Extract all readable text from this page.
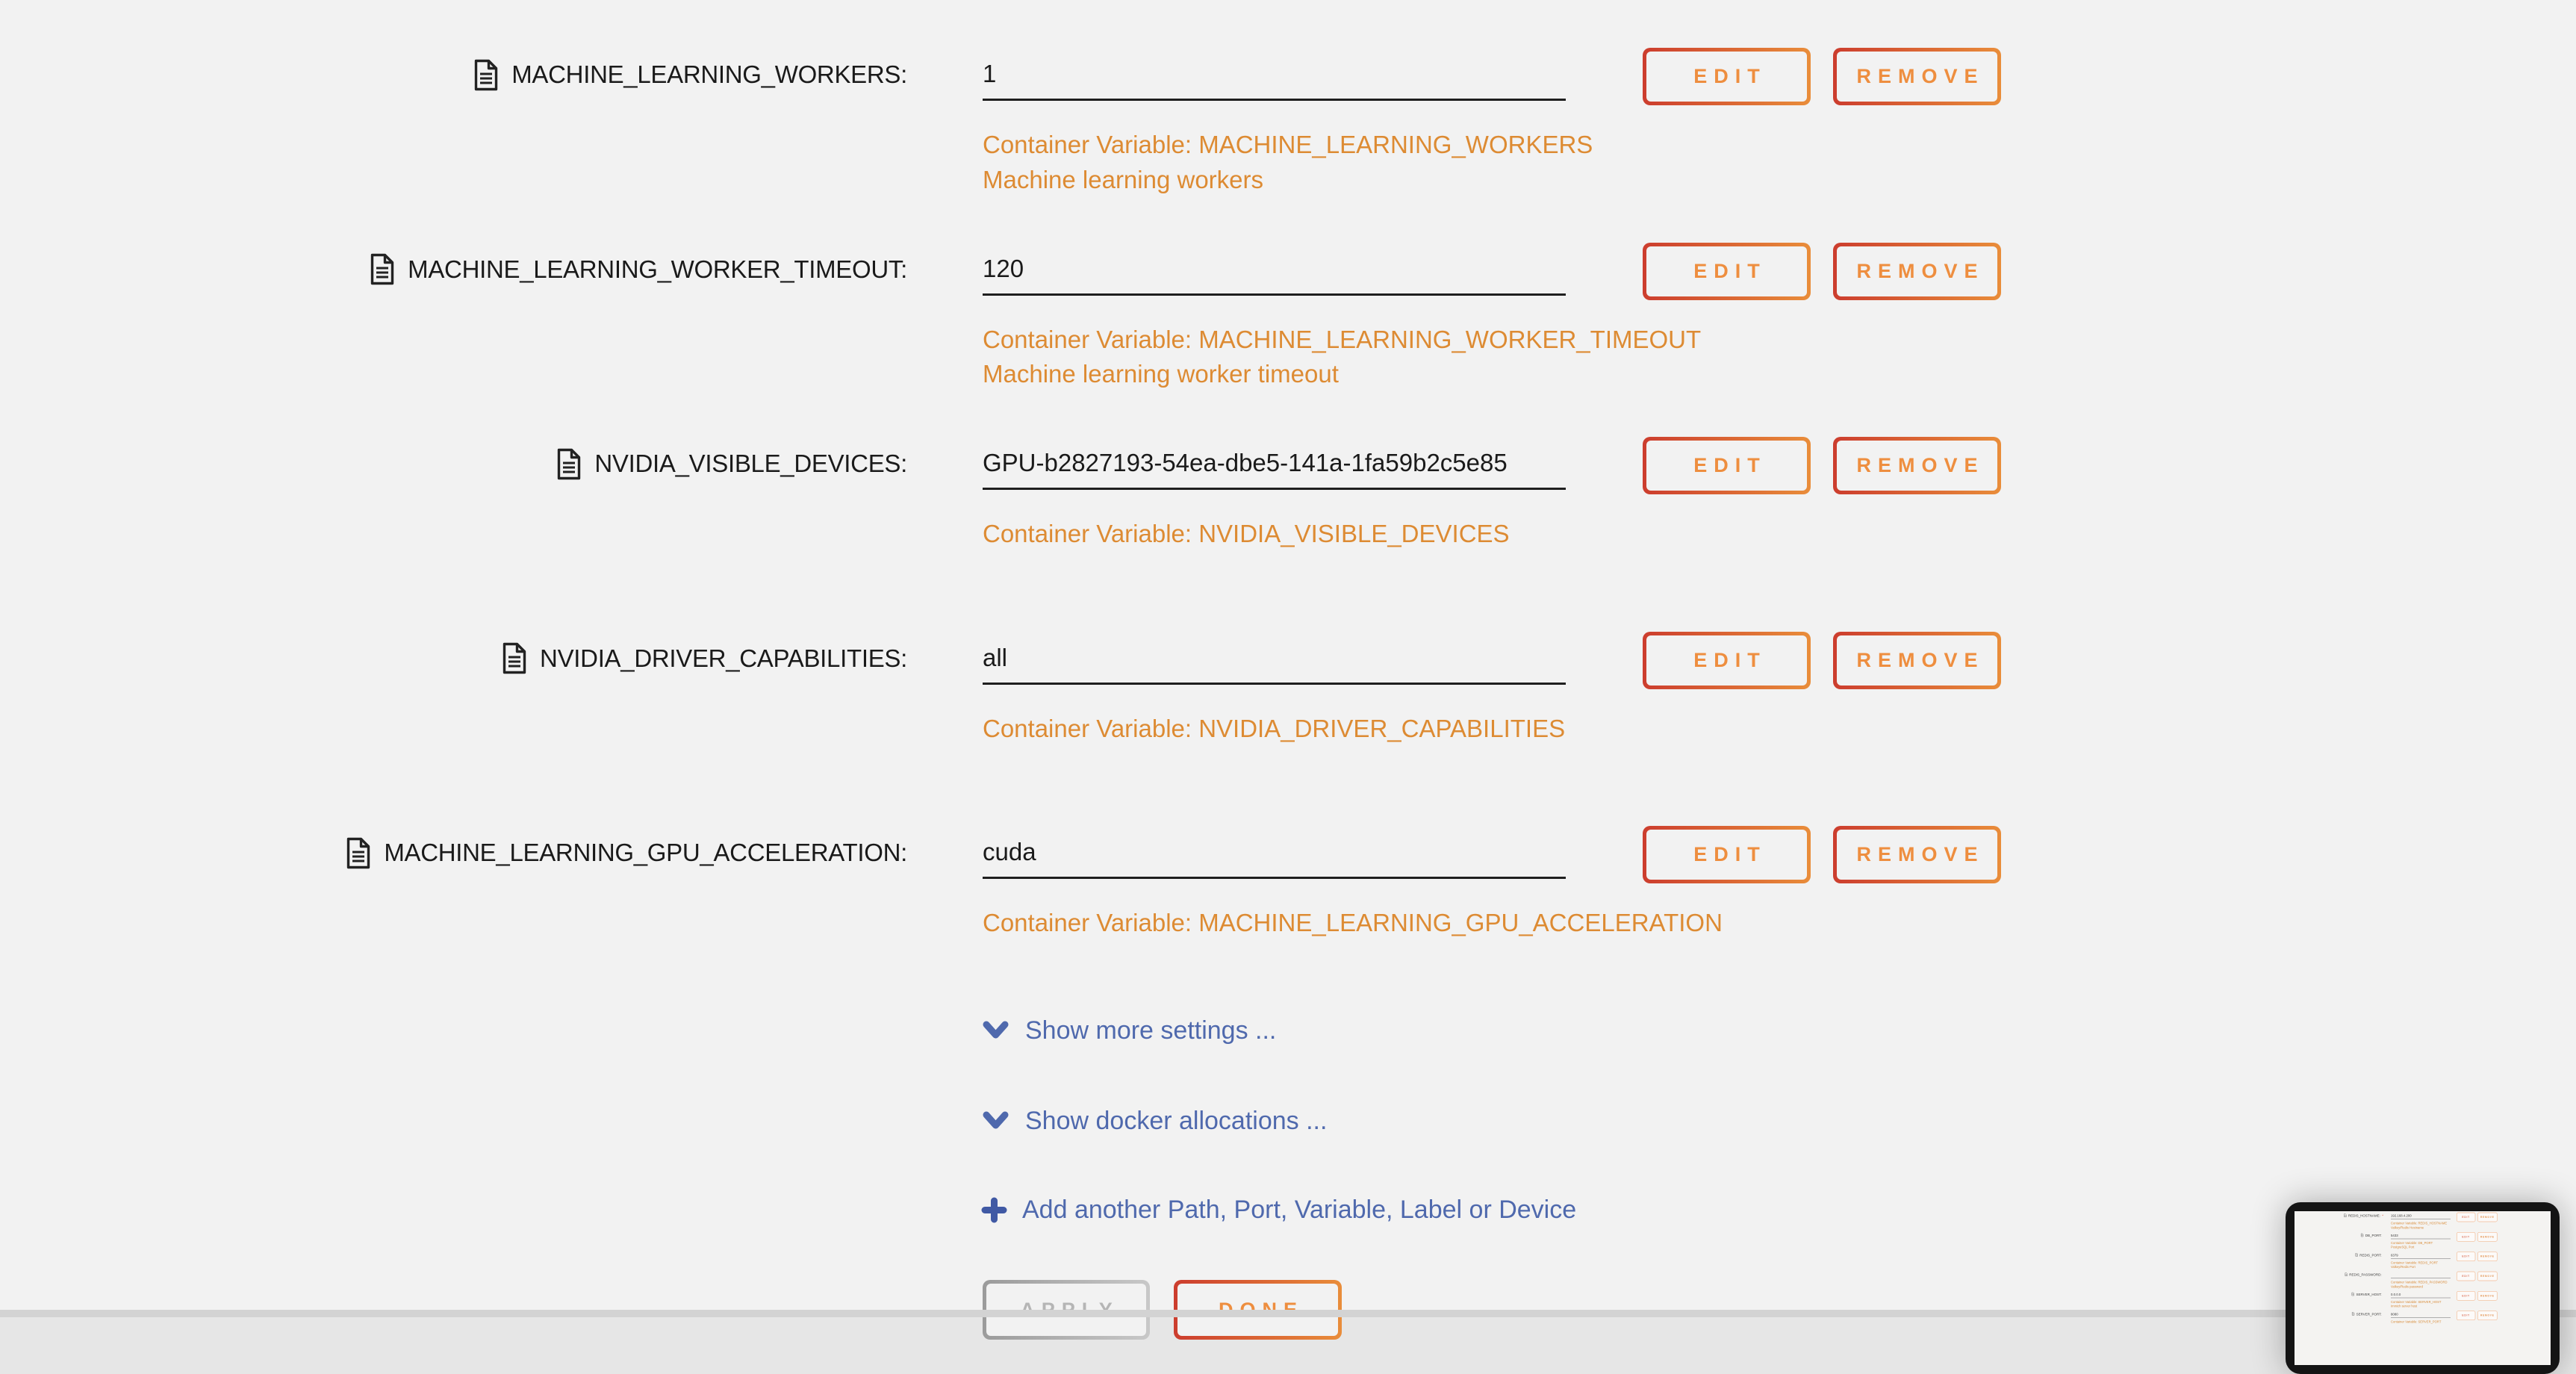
MACHINE_LEARNING_WORKERS:	1
Container Variable: MACHINE_LEARNING_WORKERS
Machine learning workers
EDIT	REMOVE
MACHINE_LEARNING_WORKER_TIMEOUT:	120
Container Variable: MACHINE_LEARNING_WORKER_TIMEOUT
Machine learning worker timeout
EDIT	REMOVE
NVIDIA_VISIBLE_DEVICES:	GPU-b2827193-54ea-dbe5-141a-1fa59b2c5e85
Container Variable: NVIDIA_VISIBLE_DEVICES
EDIT	REMOVE
NVIDIA_DRIVER_CAPABILITIES:	all
Container Variable: NVIDIA_DRIVER_CAPABILITIES
EDIT	REMOVE
MACHINE_LEARNING_GPU_ACCELERATION:	cuda
Container Variable: MACHINE_LEARNING_GPU_ACCELERATION
EDIT	REMOVE
Show more settings ...
Show docker allocations ...
Add another Path, Port, Variable, Label or Device	REDIS_HOSTNAME: * 192.168.4.200
Container Variable: REDIS_HOSTNAME
Valkey/Redis Hostname
EDIT REMOVE
DB_PORT: 5433
Container Variable: DB_PORT
PostgreSQL Port
EDIT REMOVE
REDIS_PORT: 6379
Container Variable: REDIS_PORT
Valkey/Redis Port
EDIT REMOVE
REDIS_PASSWORD:
Container Variable: REDIS_PASSWORD
Valkey/Redis password
EDIT REMOVE
SERVER_HOST: 0.0.0.0
Container Variable: SERVER_HOST
Immich server host
EDIT REMOVE
SERVER_PORT: 8080
Container Variable: SERVER_PORT
EDIT REMOVE
